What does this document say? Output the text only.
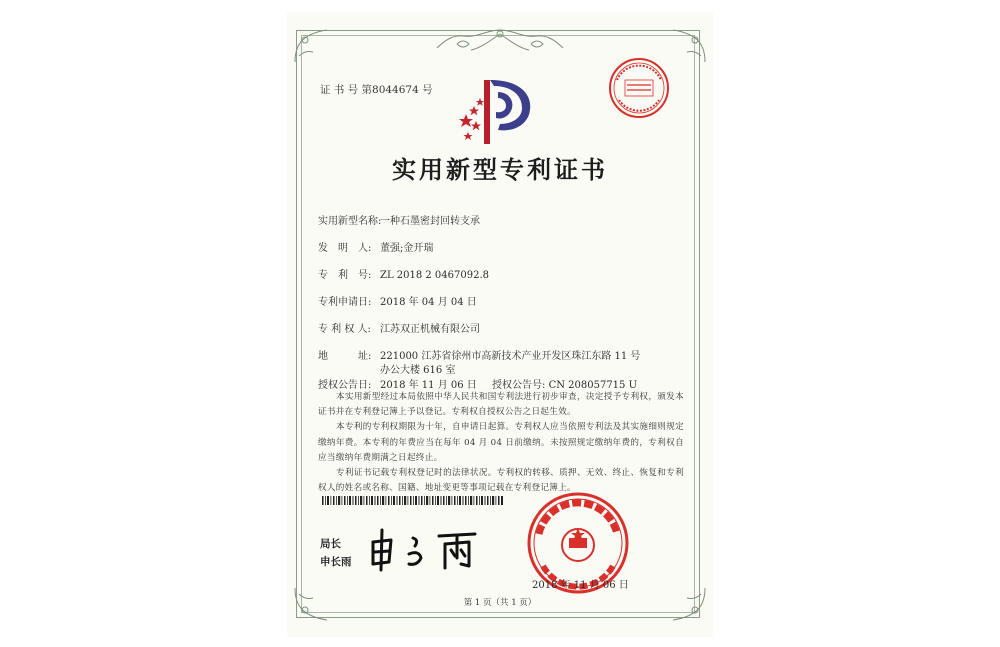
证 书 号 第8044674 号
实用新型专利证书
实用新型名称:一种石墨密封回转支承
发　明　人: 董强;金开瑞
专　利　号: ZL 2018 2 0467092.8
专利申请日: 2018 年 04 月 04 日
专 利 权 人: 江苏双正机械有限公司
地　　　址: 221000 江苏省徐州市高新技术产业开发区珠江东路 11 号
办公大楼 616 室
授权公告日: 2018 年 11 月 06 日 授权公告号: CN 208057715 U

本实用新型经过本局依照中华人民共和国专利法进行初步审查，决定授予专利权，颁发本证书并在专利登记簿上予以登记。专利权自授权公告之日起生效。

本专利的专利权期限为十年，自申请日起算。专利权人应当依照专利法及其实施细则规定缴纳年费。本专利的年费应当在每年 04 月 04 日前缴纳。未按照规定缴纳年费的，专利权自应当缴纳年费期满之日起终止。

专利证书记载专利权登记时的法律状况。专利权的转移、质押、无效、终止、恢复和专利权人的姓名或名称、国籍、地址变更等事项记载在专利登记簿上。

局长
申长雨
2018 年 11 月 06 日
第 1 页（共 1 页）
